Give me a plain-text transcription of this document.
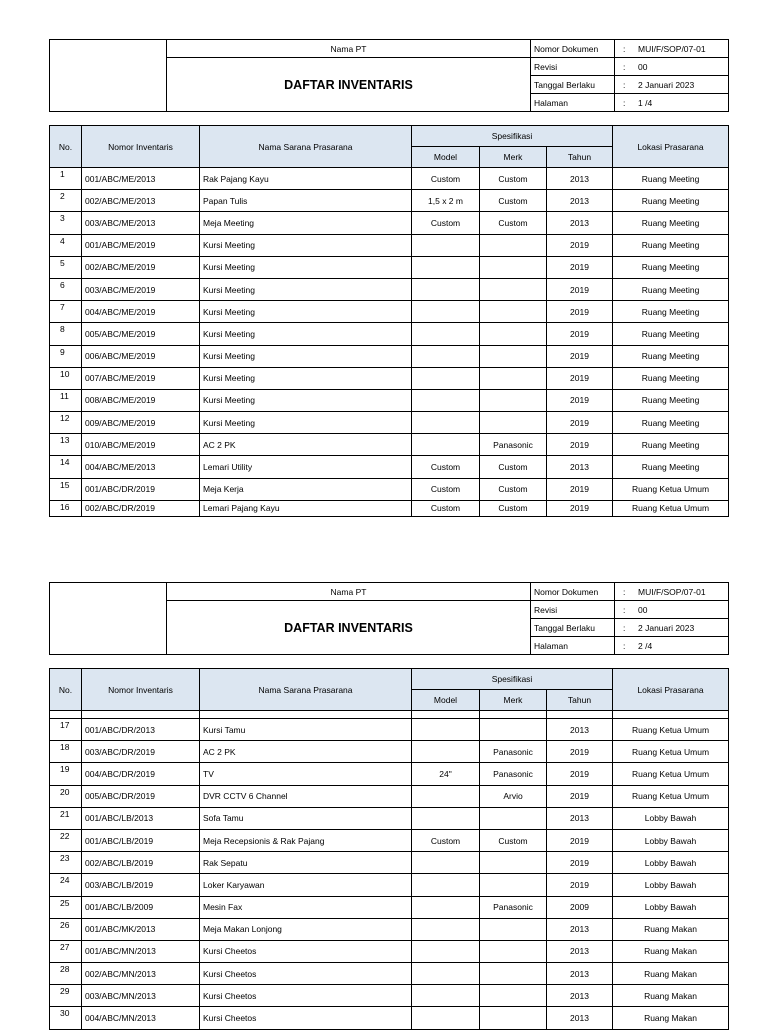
	Nama PT	Nomor Dokumen	: MUI/F/SOP/07-01
	DAFTAR INVENTARIS	Revisi	: 00
		Tanggal Berlaku	: 2 Januari 2023
		Halaman	: 1 /4
No.	Nomor Inventaris	Nama Sarana Prasarana	Spesifikasi			Lokasi Prasarana
			Model	Merk	Tahun	
1	001/ABC/ME/2013	Rak Pajang Kayu	Custom	Custom	2013	Ruang Meeting
2	002/ABC/ME/2013	Papan Tulis	1,5 x 2 m	Custom	2013	Ruang Meeting
3	003/ABC/ME/2013	Meja Meeting	Custom	Custom	2013	Ruang Meeting
4	001/ABC/ME/2019	Kursi Meeting			2019	Ruang Meeting
5	002/ABC/ME/2019	Kursi Meeting			2019	Ruang Meeting
6	003/ABC/ME/2019	Kursi Meeting			2019	Ruang Meeting
7	004/ABC/ME/2019	Kursi Meeting			2019	Ruang Meeting
8	005/ABC/ME/2019	Kursi Meeting			2019	Ruang Meeting
9	006/ABC/ME/2019	Kursi Meeting			2019	Ruang Meeting
10	007/ABC/ME/2019	Kursi Meeting			2019	Ruang Meeting
11	008/ABC/ME/2019	Kursi Meeting			2019	Ruang Meeting
12	009/ABC/ME/2019	Kursi Meeting			2019	Ruang Meeting
13	010/ABC/ME/2019	AC 2 PK		Panasonic	2019	Ruang Meeting
14	004/ABC/ME/2013	Lemari Utility	Custom	Custom	2013	Ruang Meeting
15	001/ABC/DR/2019	Meja Kerja	Custom	Custom	2019	Ruang Ketua Umum
16	002/ABC/DR/2019	Lemari Pajang Kayu	Custom	Custom	2019	Ruang Ketua Umum
	Nama PT	Nomor Dokumen	: MUI/F/SOP/07-01
	DAFTAR INVENTARIS	Revisi	: 00
		Tanggal Berlaku	: 2 Januari 2023
		Halaman	: 2 /4
No.	Nomor Inventaris	Nama Sarana Prasarana	Spesifikasi			Lokasi Prasarana
			Model	Merk	Tahun	

17	001/ABC/DR/2013	Kursi Tamu			2013	Ruang Ketua Umum
18	003/ABC/DR/2019	AC 2 PK		Panasonic	2019	Ruang Ketua Umum
19	004/ABC/DR/2019	TV	24"	Panasonic	2019	Ruang Ketua Umum
20	005/ABC/DR/2019	DVR CCTV 6 Channel		Arvio	2019	Ruang Ketua Umum
21	001/ABC/LB/2013	Sofa Tamu			2013	Lobby Bawah
22	001/ABC/LB/2019	Meja Recepsionis & Rak Pajang	Custom	Custom	2019	Lobby Bawah
23	002/ABC/LB/2019	Rak Sepatu			2019	Lobby Bawah
24	003/ABC/LB/2019	Loker Karyawan			2019	Lobby Bawah
25	001/ABC/LB/2009	Mesin Fax		Panasonic	2009	Lobby Bawah
26	001/ABC/MK/2013	Meja Makan Lonjong			2013	Ruang Makan
27	001/ABC/MN/2013	Kursi Cheetos			2013	Ruang Makan
28	002/ABC/MN/2013	Kursi Cheetos			2013	Ruang Makan
29	003/ABC/MN/2013	Kursi Cheetos			2013	Ruang Makan
30	004/ABC/MN/2013	Kursi Cheetos			2013	Ruang Makan
